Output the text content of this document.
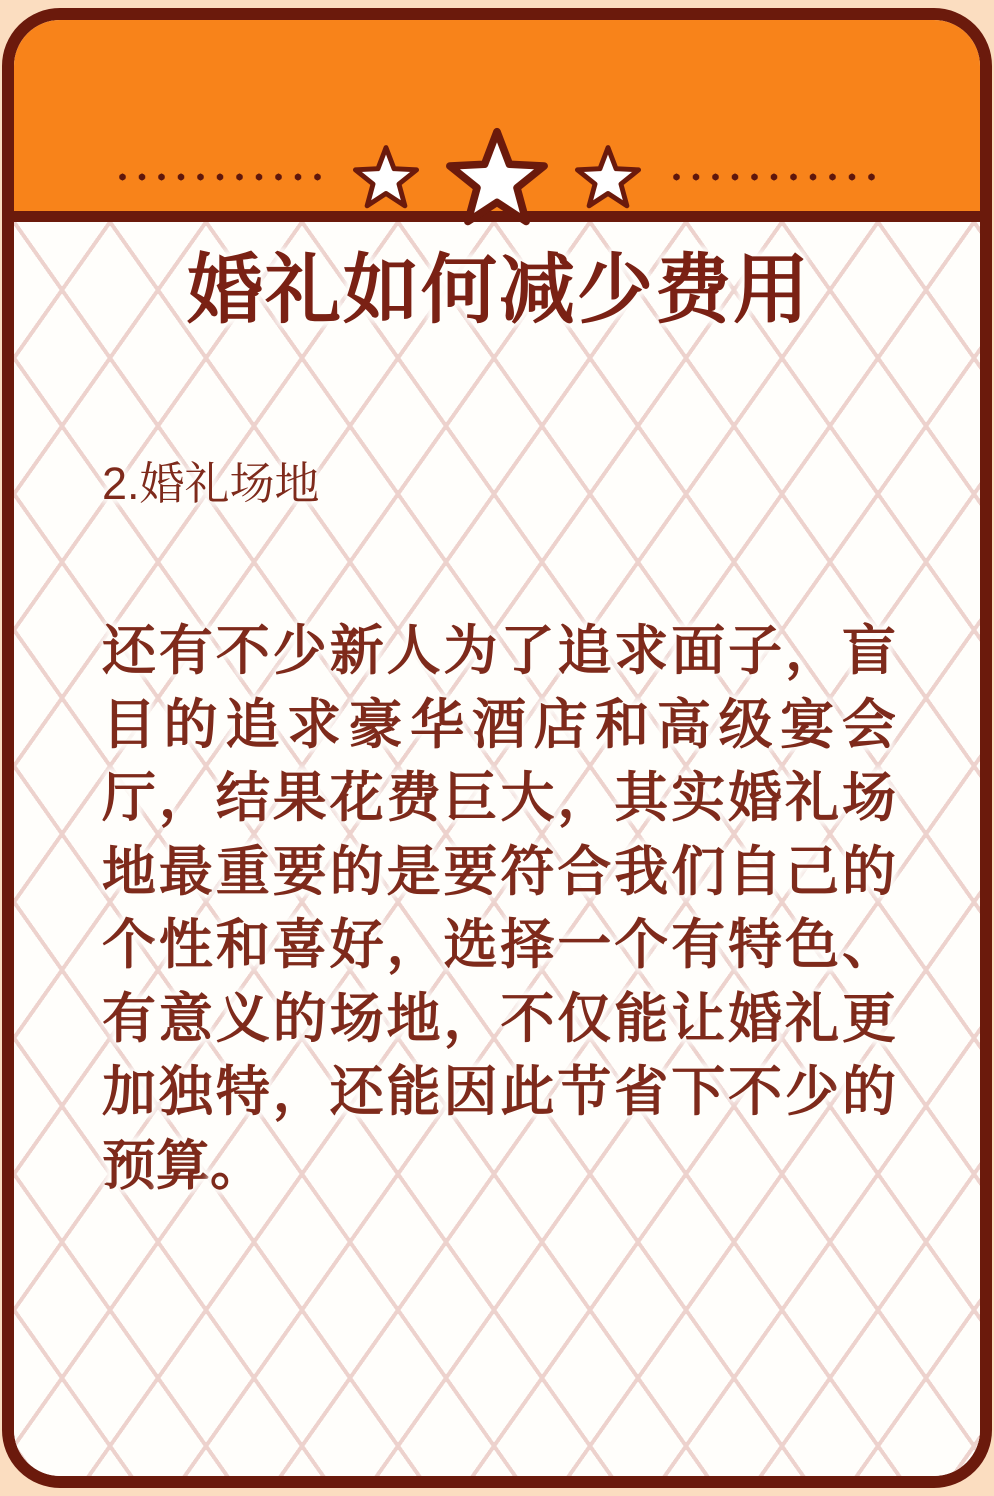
婚礼如何减少费用
2.婚礼场地
还 有 不 少 新 人 为 了 追 求 面 子 ， 盲
目 的 追 求 豪 华 酒 店 和 高 级 宴 会
厅 ， 结 果 花 费 巨 大 ， 其 实 婚 礼 场
地 最 重 要 的 是 要 符 合 我 们 自 己 的
个 性 和 喜 好 ， 选 择 一 个 有 特 色 、
有 意 义 的 场 地 ， 不 仅 能 让 婚 礼 更
加 独 特 ， 还 能 因 此 节 省 下 不 少 的
预 算 。
